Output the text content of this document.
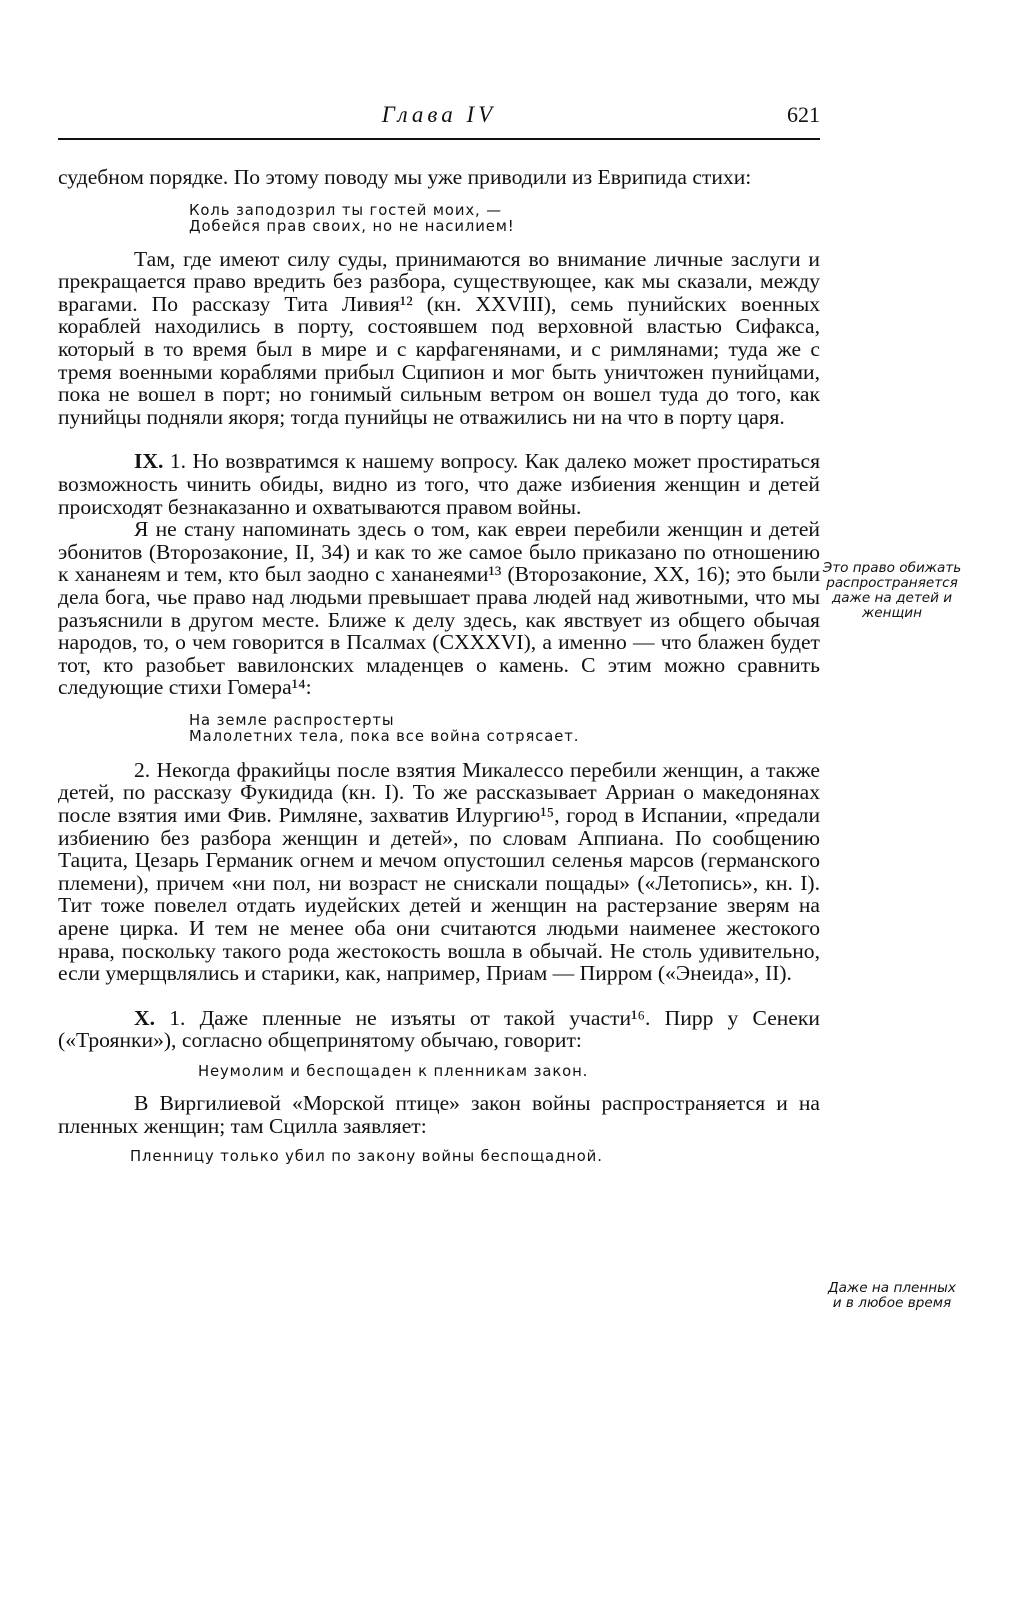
Глава IV	621

судебном порядке. По этому поводу мы уже приводили из Еврипида стихи:

Коль заподозрил ты гостей моих, —
Добейся прав своих, но не насилием!

Там, где имеют силу суды, принимаются во внимание личные заслуги и прекращается право вредить без разбора, существующее, как мы сказали, между врагами. По рассказу Тита Ливия¹² (кн. XXVIII), семь пунийских военных кораблей находились в порту, состоявшем под верховной властью Сифакса, который в то время был в мире и с карфагенянами, и с римлянами; туда же с тремя военными кораблями прибыл Сципион и мог быть уничтожен пунийцами, пока не вошел в порт; но гонимый сильным ветром он вошел туда до того, как пунийцы подняли якоря; тогда пунийцы не отважились ни на что в порту царя.

IX. 1. Но возвратимся к нашему вопросу. Как далеко может простираться возможность чинить обиды, видно из того, что даже избиения женщин и детей происходят безнаказанно и охватываются правом войны.

Я не стану напоминать здесь о том, как евреи перебили женщин и детей эбонитов (Второзаконие, II, 34) и как то же самое было приказано по отношению к хананеям и тем, кто был заодно с хананеями¹³ (Второзаконие, XX, 16); это были дела бога, чье право над людьми превышает права людей над животными, что мы разъяснили в другом месте. Ближе к делу здесь, как явствует из общего обычая народов, то, о чем говорится в Псалмах (CXXXVI), а именно — что блажен будет тот, кто разобьет вавилонских младенцев о камень. С этим можно сравнить следующие стихи Гомера¹⁴:

На земле распростерты
Малолетних тела, пока все война сотрясает.

2. Некогда фракийцы после взятия Микалессо перебили женщин, а также детей, по рассказу Фукидида (кн. I). То же рассказывает Арриан о македонянах после взятия ими Фив. Римляне, захватив Илургию¹⁵, город в Испании, «предали избиению без разбора женщин и детей», по словам Аппиана. По сообщению Тацита, Цезарь Германик огнем и мечом опустошил селенья марсов (германского племени), причем «ни пол, ни возраст не снискали пощады» («Летопись», кн. I). Тит тоже повелел отдать иудейских детей и женщин на растерзание зверям на арене цирка. И тем не менее оба они считаются людьми наименее жестокого нрава, поскольку такого рода жестокость вошла в обычай. Не столь удивительно, если умерщвлялись и старики, как, например, Приам — Пирром («Энеида», II).

X. 1. Даже пленные не изъяты от такой участи¹⁶. Пирр у Сенеки («Троянки»), согласно общепринятому обычаю, говорит:

Неумолим и беспощаден к пленникам закон.

В Виргилиевой «Морской птице» закон войны распространяется и на пленных женщин; там Сцилла заявляет:

Пленницу только убил по закону войны беспощадной.
Это право обижать распространяется даже на детей и женщин
Даже на пленных и в любое время
